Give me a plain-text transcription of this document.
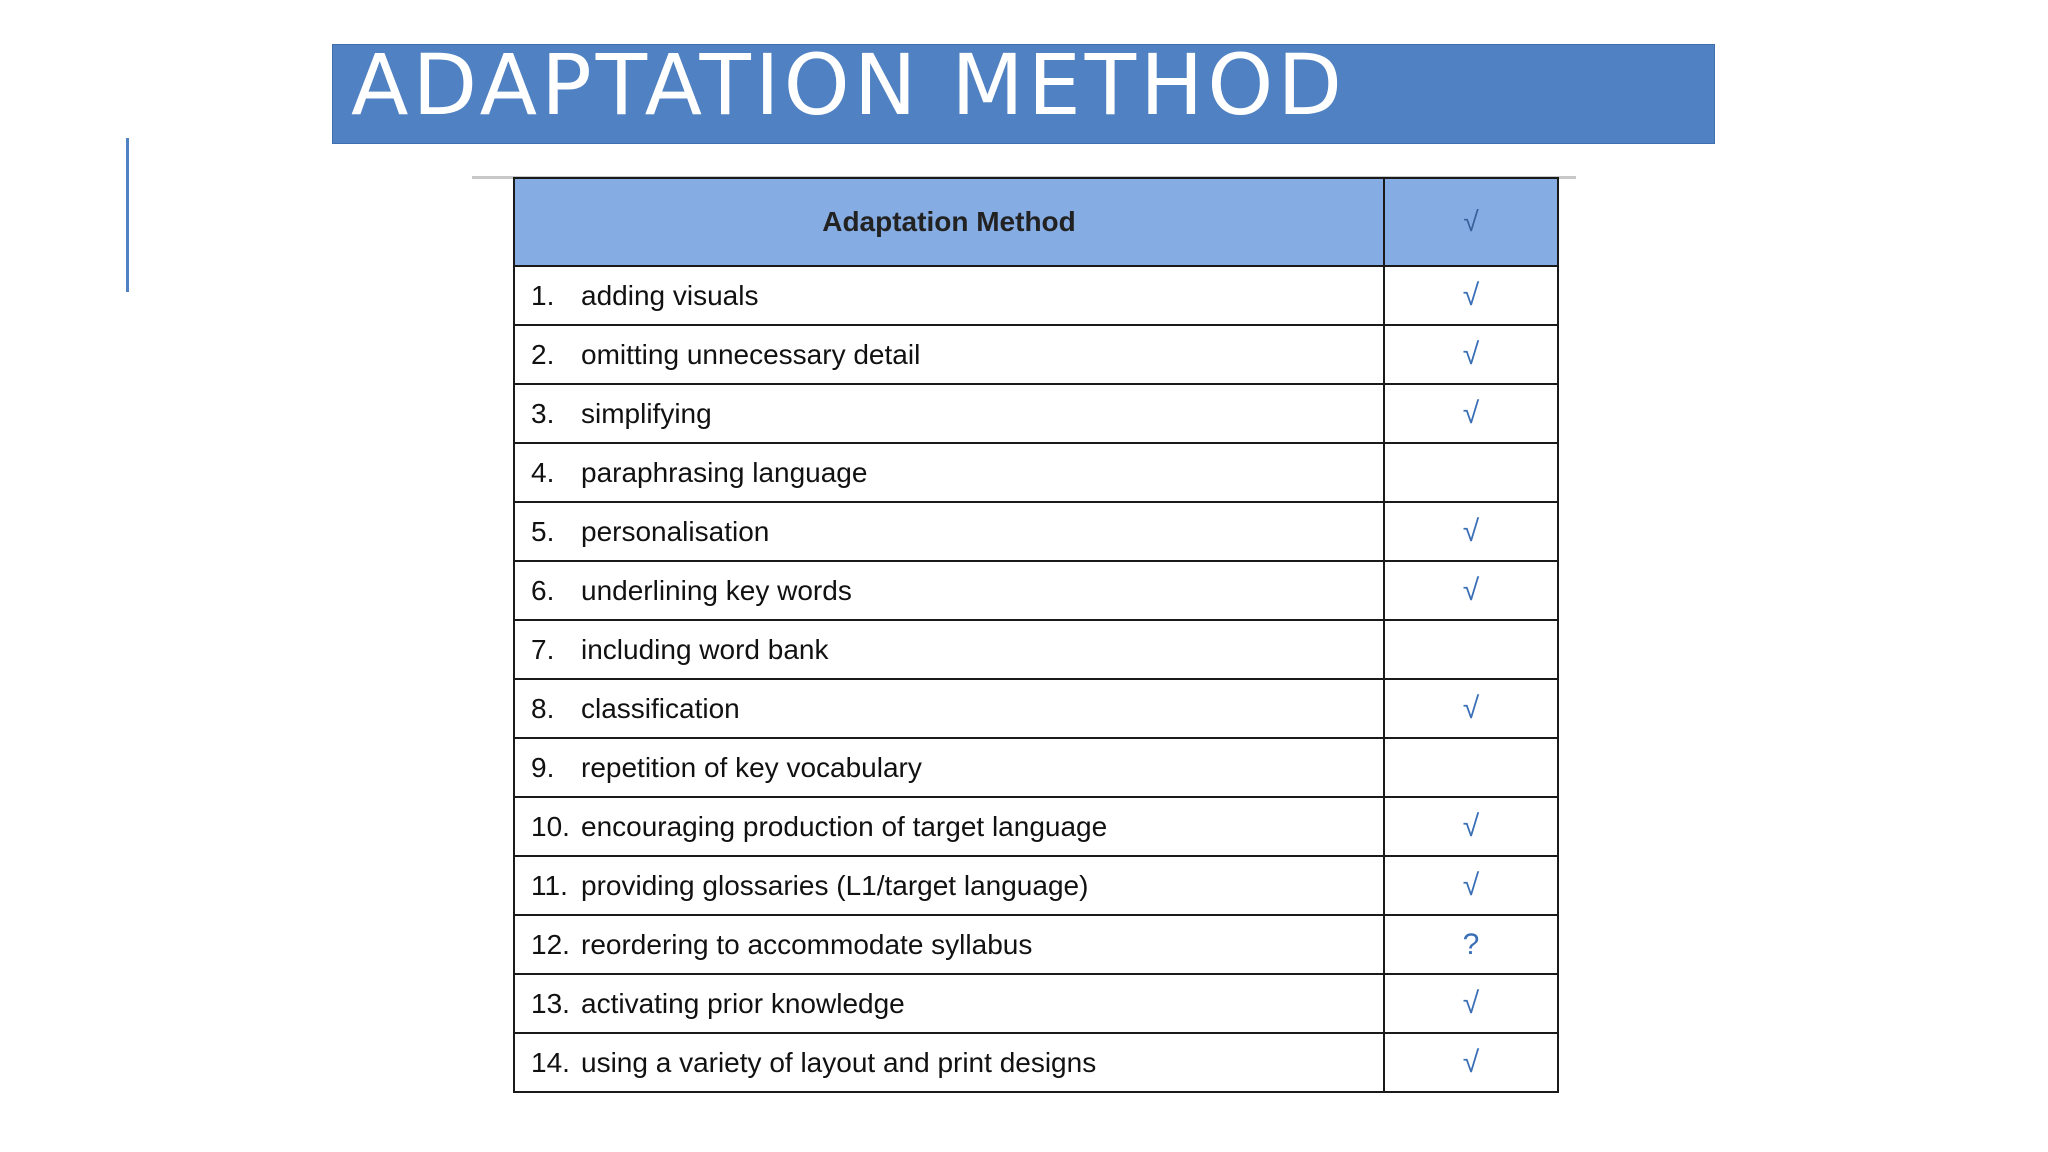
ADAPTATION METHOD
Adaptation Method	√
1. adding visuals	√
2. omitting unnecessary detail	√
3. simplifying	√
4. paraphrasing language	
5. personalisation	√
6. underlining key words	√
7. including word bank	
8. classification	√
9. repetition of key vocabulary	
10. encouraging production of target language	√
11. providing glossaries (L1/target language)	√
12. reordering to accommodate syllabus	?
13. activating prior knowledge	√
14. using a variety of layout and print designs	√
